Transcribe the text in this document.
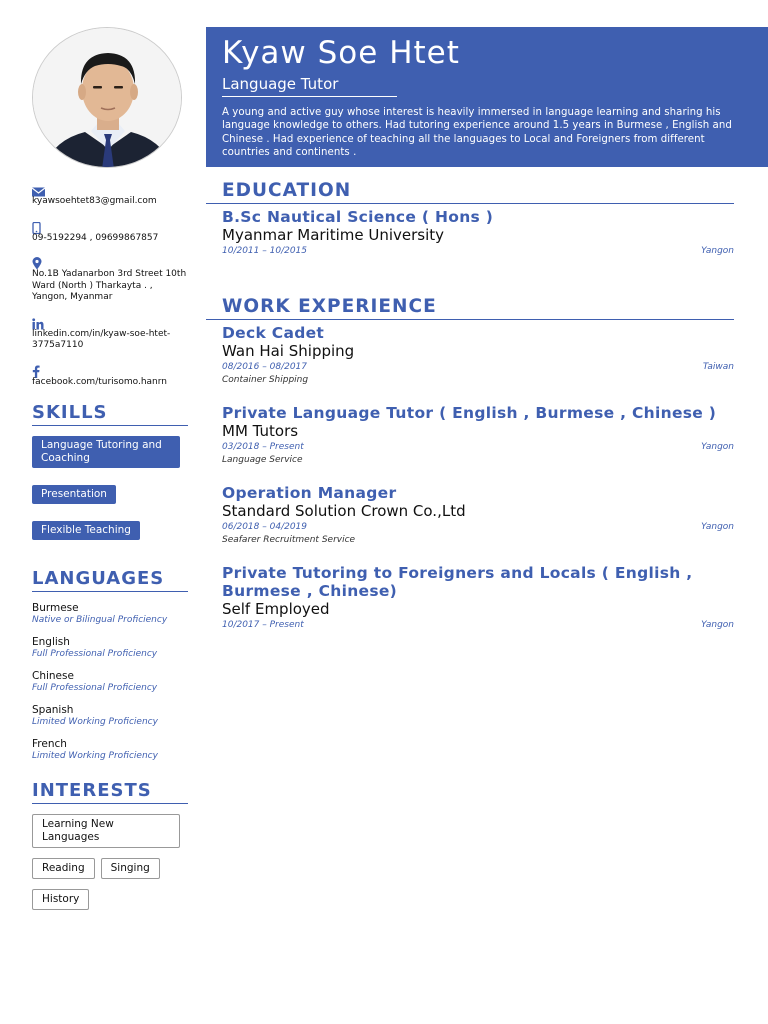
Kyaw Soe Htet
Language Tutor
A young and active guy whose interest is heavily immersed in language learning and sharing his language knowledge to others. Had tutoring experience around 1.5 years in Burmese , English and Chinese . Had experience of teaching all the languages to Local and Foreigners from different countries and continents .
kyawsoehtet83@gmail.com
09-5192294 , 09699867857
No.1B Yadanarbon 3rd Street 10th Ward (North ) Tharkayta . , Yangon, Myanmar
linkedin.com/in/kyaw-soe-htet-3775a7110
facebook.com/turisomo.hanrn
SKILLS
Language Tutoring and Coaching
Presentation
Flexible Teaching
LANGUAGES
Burmese
Native or Bilingual Proficiency
English
Full Professional Proficiency
Chinese
Full Professional Proficiency
Spanish
Limited Working Proficiency
French
Limited Working Proficiency
INTERESTS
Learning New Languages
Reading Singing
History
EDUCATION
B.Sc Nautical Science ( Hons )
Myanmar Maritime University
Yangon
10/2011 – 10/2015
WORK EXPERIENCE
Deck Cadet
Wan Hai Shipping
Taiwan
08/2016 – 08/2017
Container Shipping
Private Language Tutor ( English , Burmese , Chinese )
MM Tutors
Yangon
03/2018 – Present
Language Service
Operation Manager
Standard Solution Crown Co.,Ltd
Yangon
06/2018 – 04/2019
Seafarer Recruitment Service
Private Tutoring to Foreigners and Locals ( English , Burmese , Chinese)
Self Employed
Yangon
10/2017 – Present
